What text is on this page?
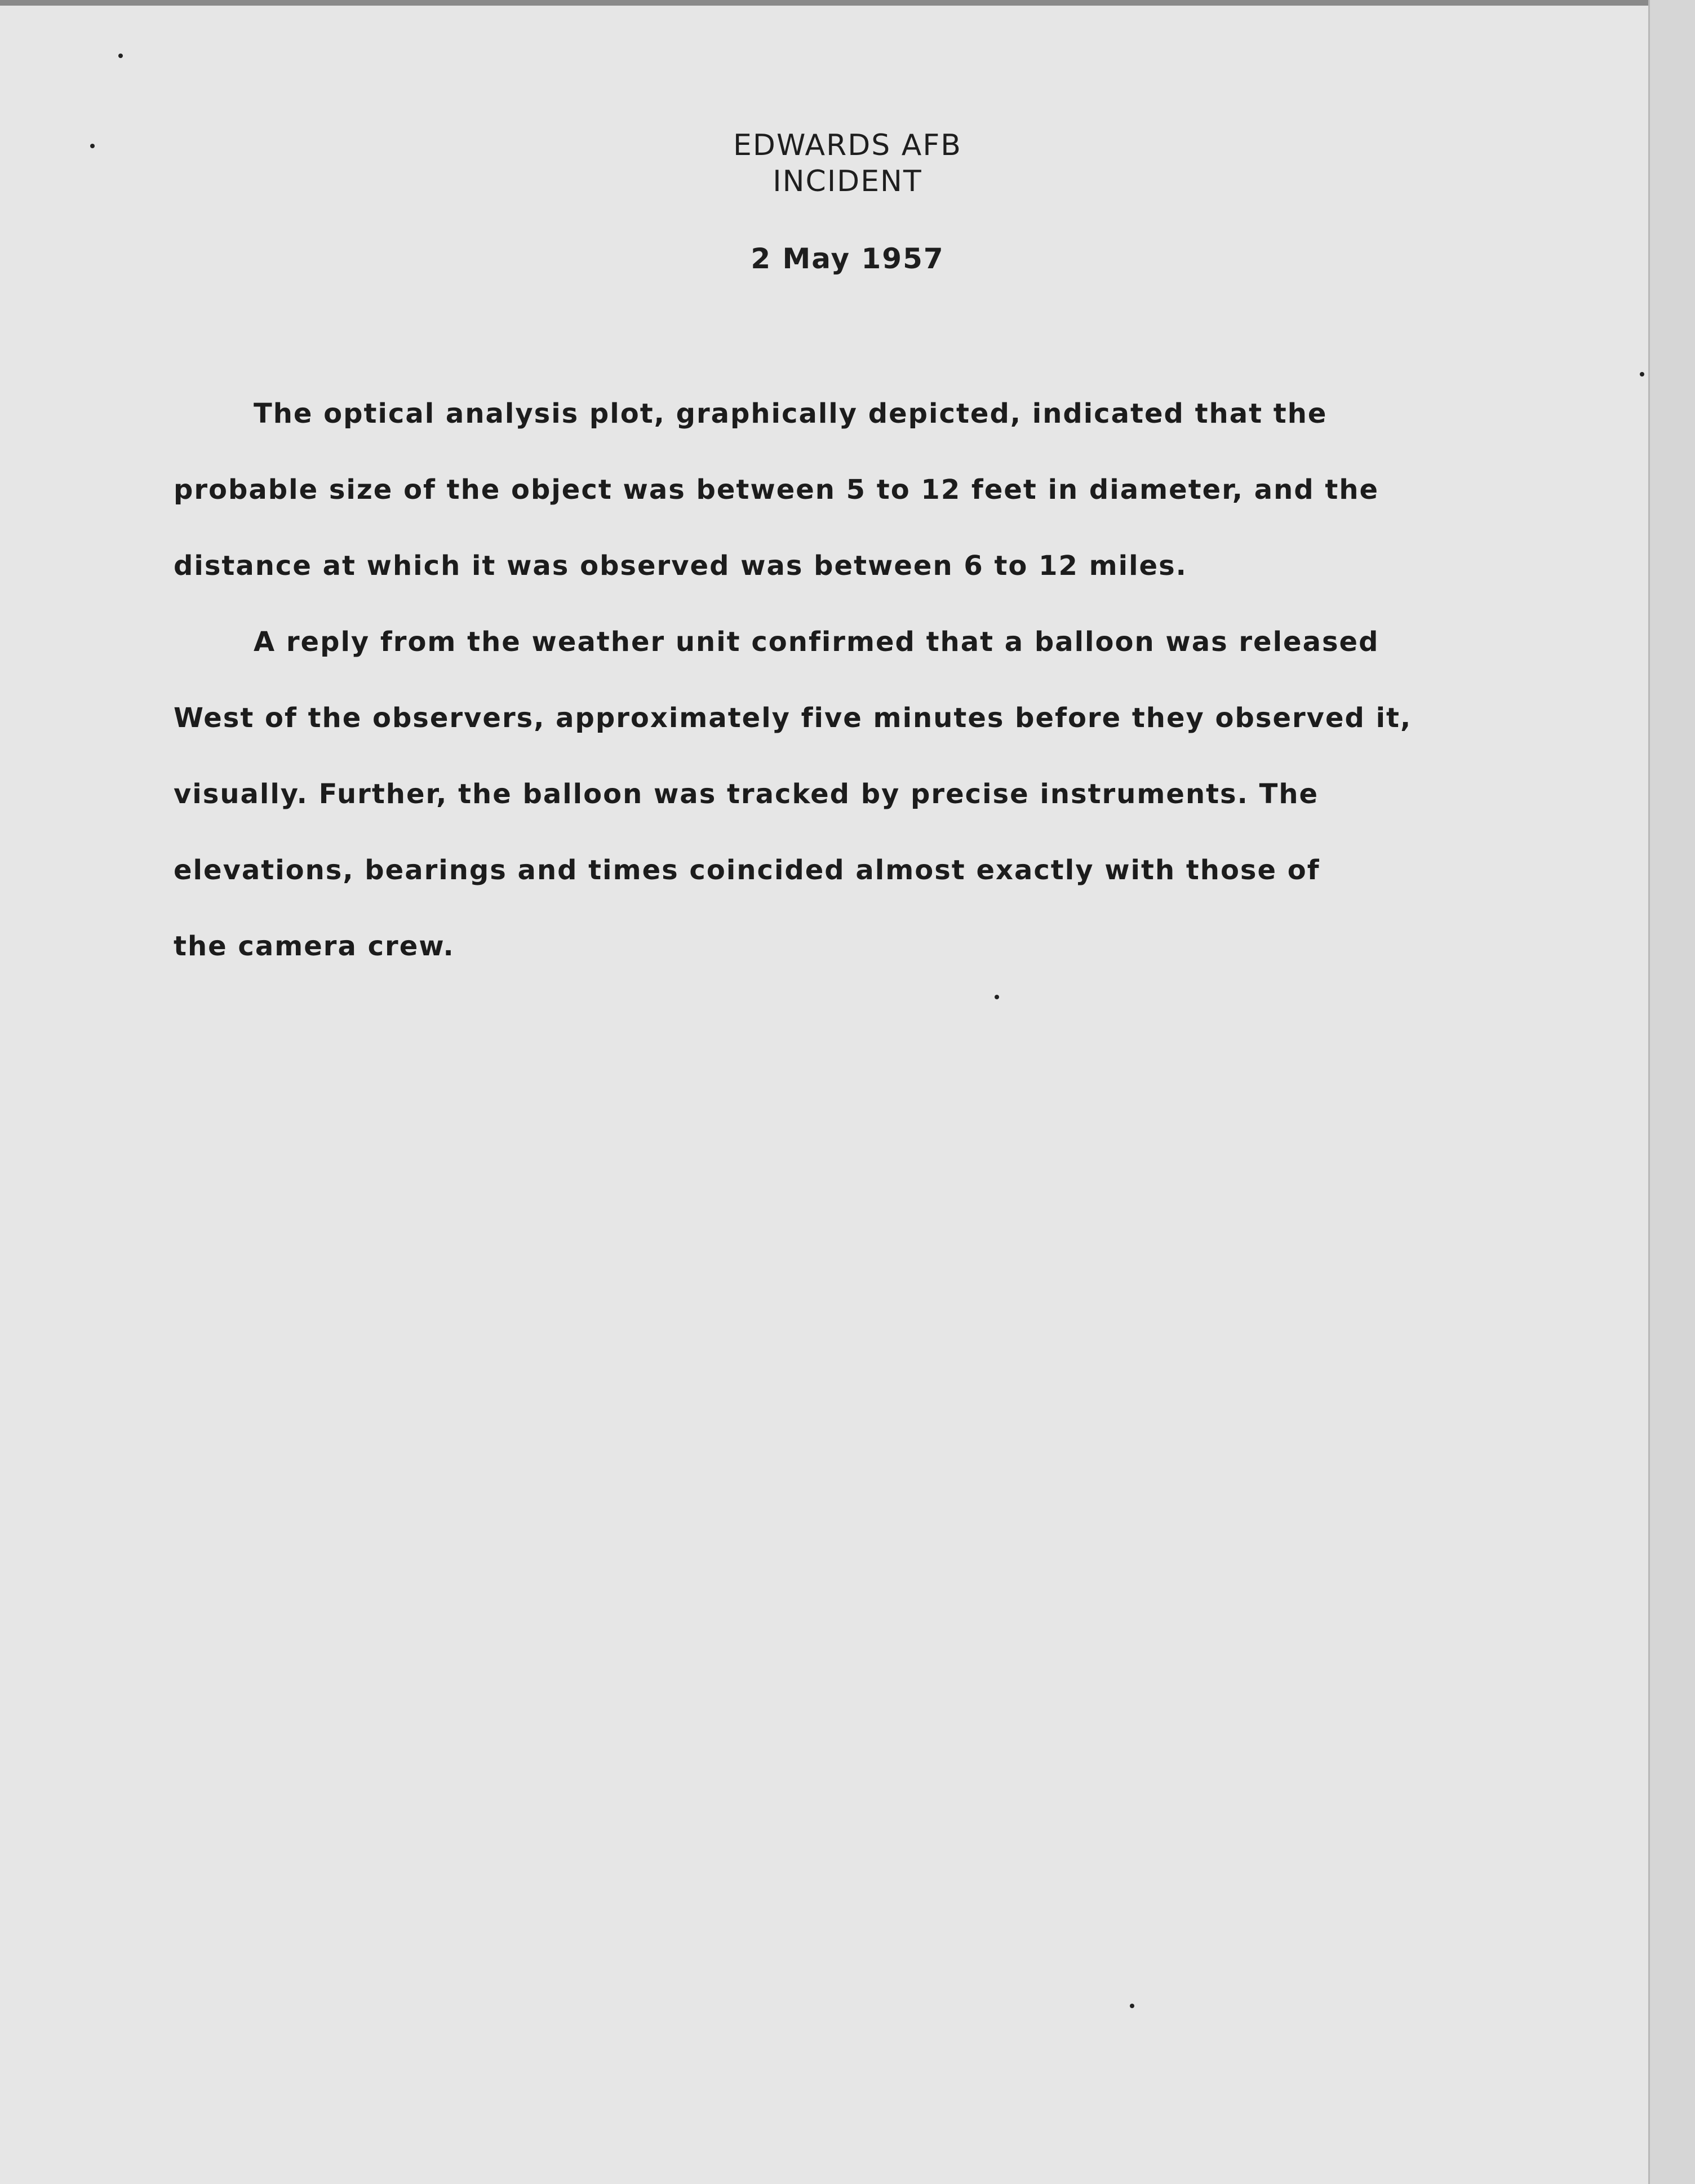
EDWARDS AFB
INCIDENT
2 May 1957
The optical analysis plot, graphically depicted, indicated that the
probable size of the object was between 5 to 12 feet in diameter, and the
distance at which it was observed was between 6 to 12 miles.
A reply from the weather unit confirmed that a balloon was released
West of the observers, approximately five minutes before they observed it,
visually. Further, the balloon was tracked by precise instruments. The
elevations, bearings and times coincided almost exactly with those of
the camera crew.
